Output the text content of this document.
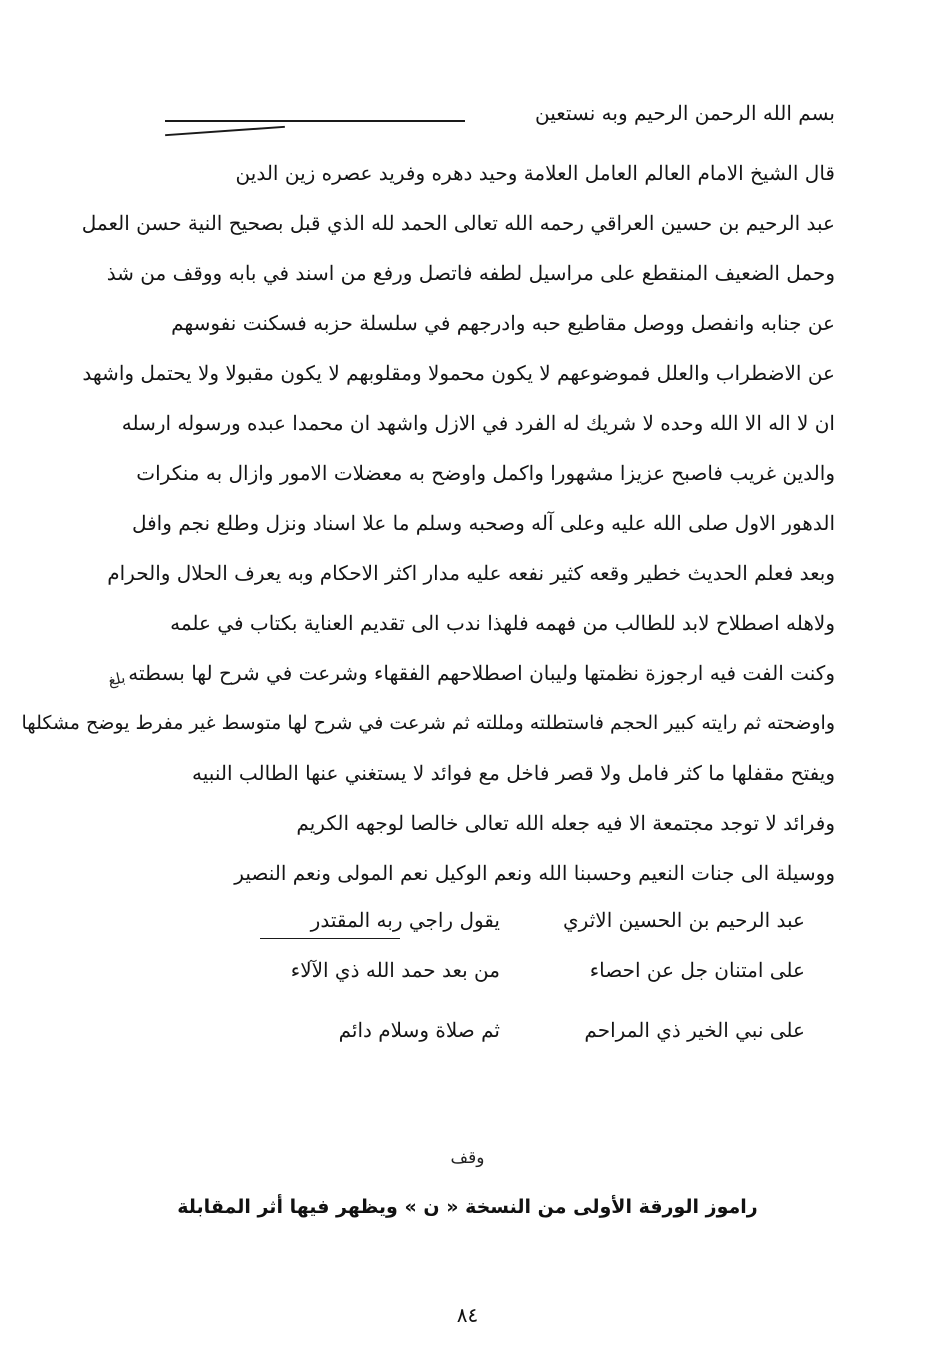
بسم الله الرحمن الرحيم وبه نستعين
قال الشيخ الامام العالم العامل العلامة وحيد دهره وفريد عصره زين الدين
عبد الرحيم بن حسين العراقي رحمه الله تعالى الحمد لله الذي قبل بصحيح النية حسن العمل
وحمل الضعيف المنقطع على مراسيل لطفه فاتصل ورفع من اسند في بابه ووقف من شذ
عن جنابه وانفصل ووصل مقاطيع حبه وادرجهم في سلسلة حزبه فسكنت نفوسهم
عن الاضطراب والعلل فموضوعهم لا يكون محمولا ومقلوبهم لا يكون مقبولا ولا يحتمل واشهد
ان لا اله الا الله وحده لا شريك له الفرد في الازل واشهد ان محمدا عبده ورسوله ارسله
والدين غريب فاصبح عزيزا مشهورا واكمل واوضح به معضلات الامور وازال به منكرات
الدهور الاول صلى الله عليه وعلى آله وصحبه وسلم ما علا اسناد ونزل وطلع نجم وافل
وبعد فعلم الحديث خطير وقعه كثير نفعه عليه مدار اكثر الاحكام وبه يعرف الحلال والحرام
ولاهله اصطلاح لابد للطالب من فهمه فلهذا ندب الى تقديم العناية بكتاب في علمه
وكنت الفت فيه ارجوزة نظمتها وليبان اصطلاحهم الفقهاء وشرعت في شرح لها بسطته
واوضحته ثم رايته كبير الحجم فاستطلته ومللته ثم شرعت في شرح لها متوسط غير مفرط يوضح مشكلها
ويفتح مقفلها ما كثر فامل ولا قصر فاخل مع فوائد لا يستغني عنها الطالب النبيه
وفرائد لا توجد مجتمعة الا فيه جعله الله تعالى خالصا لوجهه الكريم
ووسيلة الى جنات النعيم وحسبنا الله ونعم الوكيل نعم المولى ونعم النصير
يقول راجي ربه المقتدر	عبد الرحيم بن الحسين الاثري
من بعد حمد الله ذي الآلاء	على امتنان جل عن احصاء
ثم صلاة وسلام دائم	على نبي الخير ذي المراحم
بلغ
وقف
راموز الورقة الأولى من النسخة « ن » ويظهر فيها أثر المقابلة
٨٤
